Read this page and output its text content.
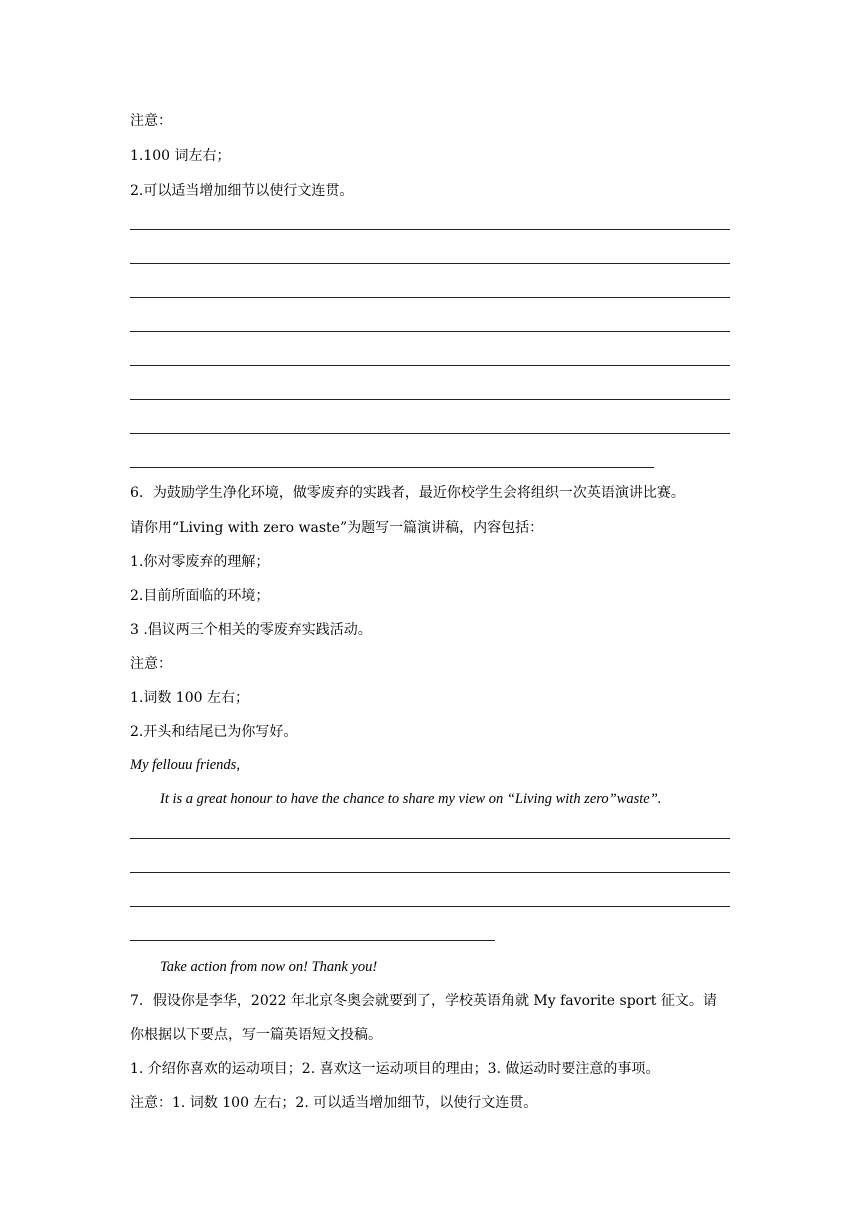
注意：
1.100 词左右；
2.可以适当增加细节以使行文连贯。
6．为鼓励学生净化环境，做零废弃的实践者，最近你校学生会将组织一次英语演讲比赛。
请你用“Living with zero waste”为题写一篇演讲稿，内容包括：
1.你对零废弃的理解；
2.目前所面临的环境；
3 .倡议两三个相关的零废弃实践活动。
注意：
1.词数 100 左右；
2.开头和结尾已为你写好。
My fellouu friends,
It is a great honour to have the chance to share my view on “Living with zero”waste”.
Take action from now on! Thank you!
7．假设你是李华，2022 年北京冬奥会就要到了，学校英语角就 My favorite sport 征文。请
你根据以下要点，写一篇英语短文投稿。
1. 介绍你喜欢的运动项目；2. 喜欢这一运动项目的理由；3. 做运动时要注意的事项。
注意：1. 词数 100 左右；2. 可以适当增加细节，以使行文连贯。
